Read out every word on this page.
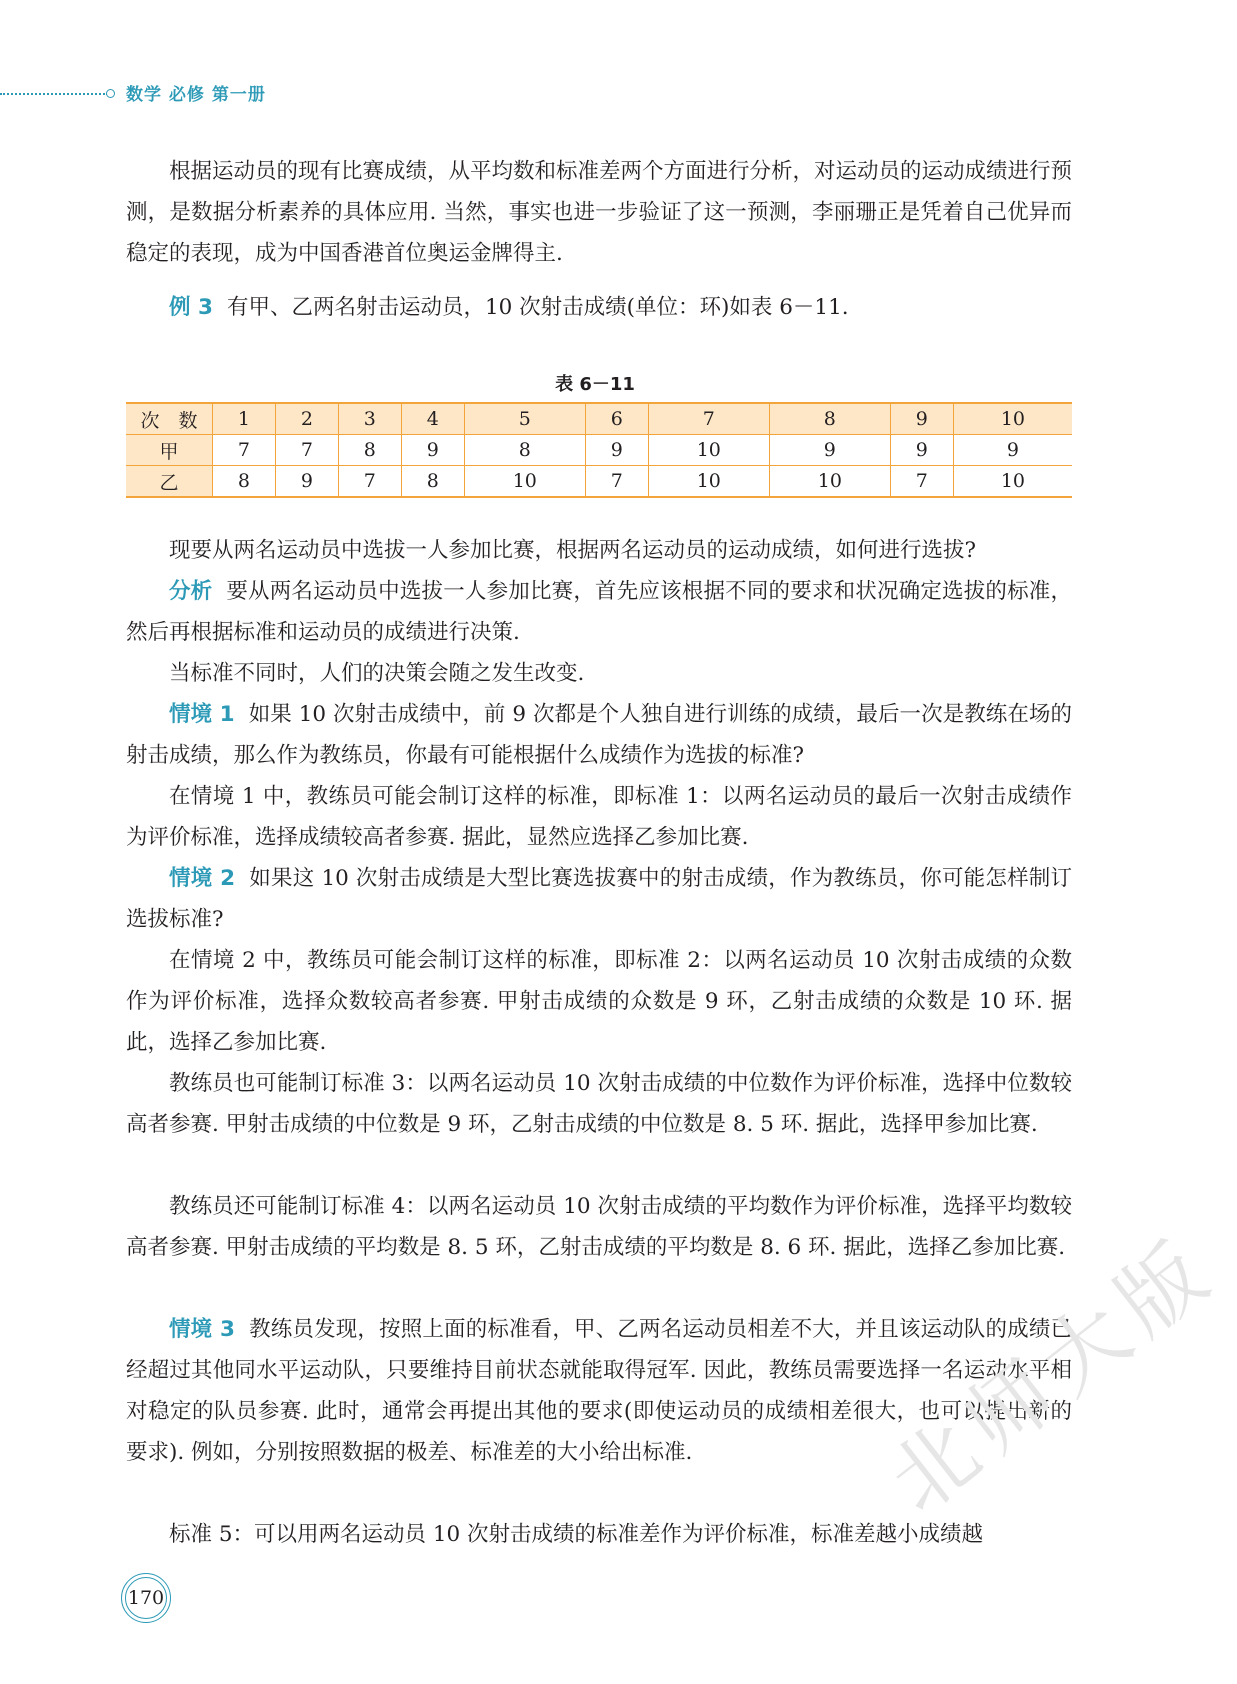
数学 必修 第一册

根据运动员的现有比赛成绩，从平均数和标准差两个方面进行分析，对运动员的运动成绩进行预测，是数据分析素养的具体应用. 当然，事实也进一步验证了这一预测，李丽珊正是凭着自己优异而稳定的表现，成为中国香港首位奥运金牌得主.

例 3 有甲、乙两名射击运动员，10 次射击成绩(单位：环)如表 6－11.

表 6－11
次　数	1	2	3	4	5	6	7	8	9	10
甲	7	7	8	9	8	9	10	9	9	9
乙	8	9	7	8	10	7	10	10	7	10

现要从两名运动员中选拔一人参加比赛，根据两名运动员的运动成绩，如何进行选拔?

分析 要从两名运动员中选拔一人参加比赛，首先应该根据不同的要求和状况确定选拔的标准，然后再根据标准和运动员的成绩进行决策.

当标准不同时，人们的决策会随之发生改变.

情境 1 如果 10 次射击成绩中，前 9 次都是个人独自进行训练的成绩，最后一次是教练在场的射击成绩，那么作为教练员，你最有可能根据什么成绩作为选拔的标准?

在情境 1 中，教练员可能会制订这样的标准，即标准 1：以两名运动员的最后一次射击成绩作为评价标准，选择成绩较高者参赛. 据此，显然应选择乙参加比赛.

情境 2 如果这 10 次射击成绩是大型比赛选拔赛中的射击成绩，作为教练员，你可能怎样制订选拔标准?

在情境 2 中，教练员可能会制订这样的标准，即标准 2：以两名运动员 10 次射击成绩的众数作为评价标准，选择众数较高者参赛. 甲射击成绩的众数是 9 环，乙射击成绩的众数是 10 环. 据此，选择乙参加比赛.

教练员也可能制订标准 3：以两名运动员 10 次射击成绩的中位数作为评价标准，选择中位数较高者参赛. 甲射击成绩的中位数是 9 环，乙射击成绩的中位数是 8. 5 环. 据此，选择甲参加比赛.

教练员还可能制订标准 4：以两名运动员 10 次射击成绩的平均数作为评价标准，选择平均数较高者参赛. 甲射击成绩的平均数是 8. 5 环，乙射击成绩的平均数是 8. 6 环. 据此，选择乙参加比赛.

情境 3 教练员发现，按照上面的标准看，甲、乙两名运动员相差不大，并且该运动队的成绩已经超过其他同水平运动队，只要维持目前状态就能取得冠军. 因此，教练员需要选择一名运动水平相对稳定的队员参赛. 此时，通常会再提出其他的要求(即使运动员的成绩相差很大，也可以提出新的要求). 例如，分别按照数据的极差、标准差的大小给出标准.

标准 5：可以用两名运动员 10 次射击成绩的标准差作为评价标准，标准差越小成绩越

170
北师大版
